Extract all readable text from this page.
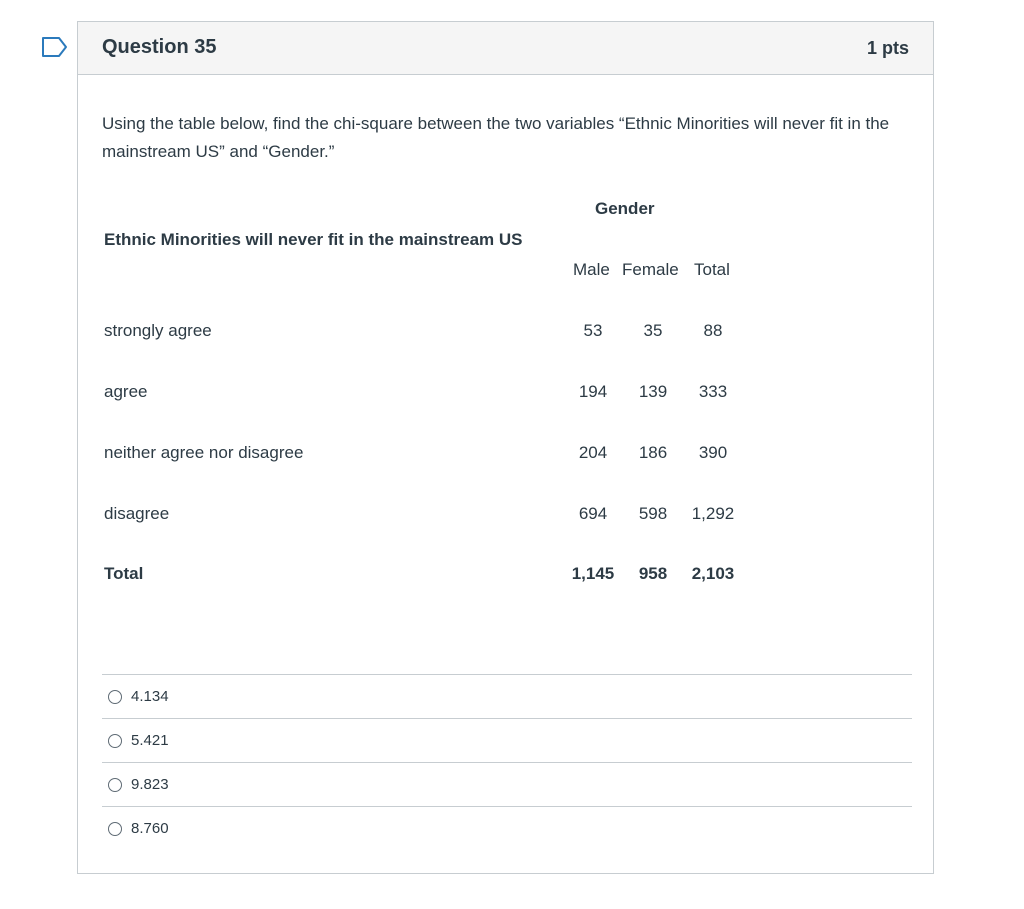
Question 35	1 pts
Using the table below, find the chi-square between the two variables “Ethnic Minorities will never fit in the mainstream US” and “Gender.”
Gender
Ethnic Minorities will never fit in the mainstream US
Male Female Total
strongly agree	53	35	88
agree	194	139	333
neither agree nor disagree	204	186	390
disagree	694	598	1,292
Total	1,145	958	2,103
4.134
5.421
9.823
8.760
